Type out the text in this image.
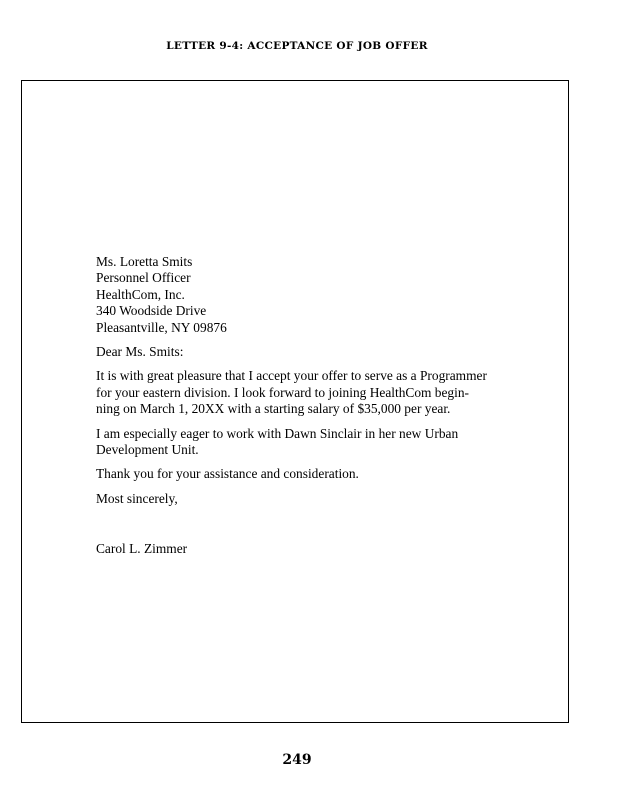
LETTER 9-4: ACCEPTANCE OF JOB OFFER
Ms. Loretta Smits
Personnel Officer
HealthCom, Inc.
340 Woodside Drive
Pleasantville, NY 09876
Dear Ms. Smits:
It is with great pleasure that I accept your offer to serve as a Programmer
for your eastern division. I look forward to joining HealthCom begin-
ning on March 1, 20XX with a starting salary of $35,000 per year.
I am especially eager to work with Dawn Sinclair in her new Urban
Development Unit.
Thank you for your assistance and consideration.
Most sincerely,
Carol L. Zimmer
249
